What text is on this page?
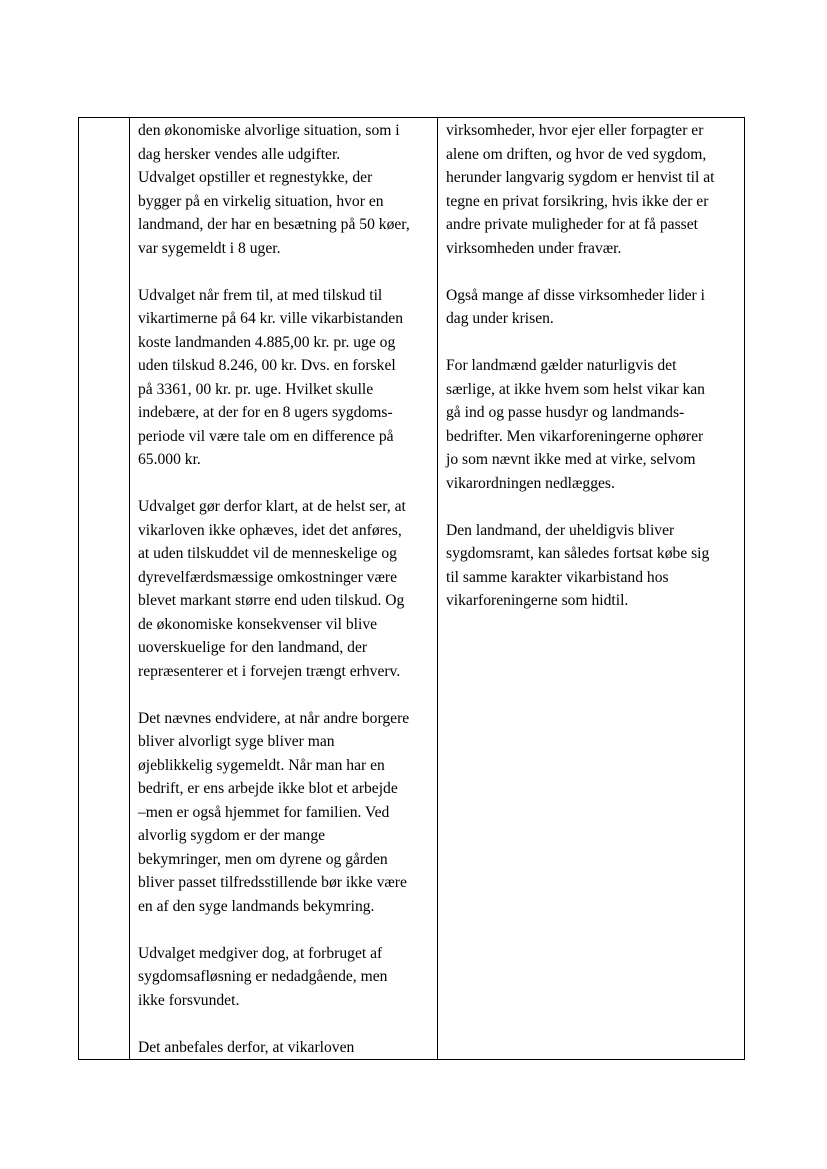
den økonomiske alvorlige situation, som i
dag hersker vendes alle udgifter.
Udvalget opstiller et regnestykke, der
bygger på en virkelig situation, hvor en
landmand, der har en besætning på 50 køer,
var sygemeldt i 8 uger.

Udvalget når frem til, at med tilskud til
vikartimerne på 64 kr. ville vikarbistanden
koste landmanden 4.885,00 kr. pr. uge og
uden tilskud 8.246, 00 kr. Dvs. en forskel
på 3361, 00 kr. pr. uge. Hvilket skulle
indebære, at der for en 8 ugers sygdoms-
periode vil være tale om en difference på
65.000 kr.

Udvalget gør derfor klart, at de helst ser, at
vikarloven ikke ophæves, idet det anføres,
at uden tilskuddet vil de menneskelige og
dyrevelfærdsmæssige omkostninger være
blevet markant større end uden tilskud. Og
de økonomiske konsekvenser vil blive
uoverskuelige for den landmand, der
repræsenterer et i forvejen trængt erhverv.

Det nævnes endvidere, at når andre borgere
bliver alvorligt syge bliver man
øjeblikkelig sygemeldt. Når man har en
bedrift, er ens arbejde ikke blot et arbejde
–men er også hjemmet for familien. Ved
alvorlig sygdom er der mange
bekymringer, men om dyrene og gården
bliver passet tilfredsstillende bør ikke være
en af den syge landmands bekymring.

Udvalget medgiver dog, at forbruget af
sygdomsafløsning er nedadgående, men
ikke forsvundet.

Det anbefales derfor, at vikarloven

virksomheder, hvor ejer eller forpagter er
alene om driften, og hvor de ved sygdom,
herunder langvarig sygdom er henvist til at
tegne en privat forsikring, hvis ikke der er
andre private muligheder for at få passet
virksomheden under fravær.

Også mange af disse virksomheder lider i
dag under krisen.

For landmænd gælder naturligvis det
særlige, at ikke hvem som helst vikar kan
gå ind og passe husdyr og landmands-
bedrifter. Men vikarforeningerne ophører
jo som nævnt ikke med at virke, selvom
vikarordningen nedlægges.

Den landmand, der uheldigvis bliver
sygdomsramt, kan således fortsat købe sig
til samme karakter vikarbistand hos
vikarforeningerne som hidtil.
